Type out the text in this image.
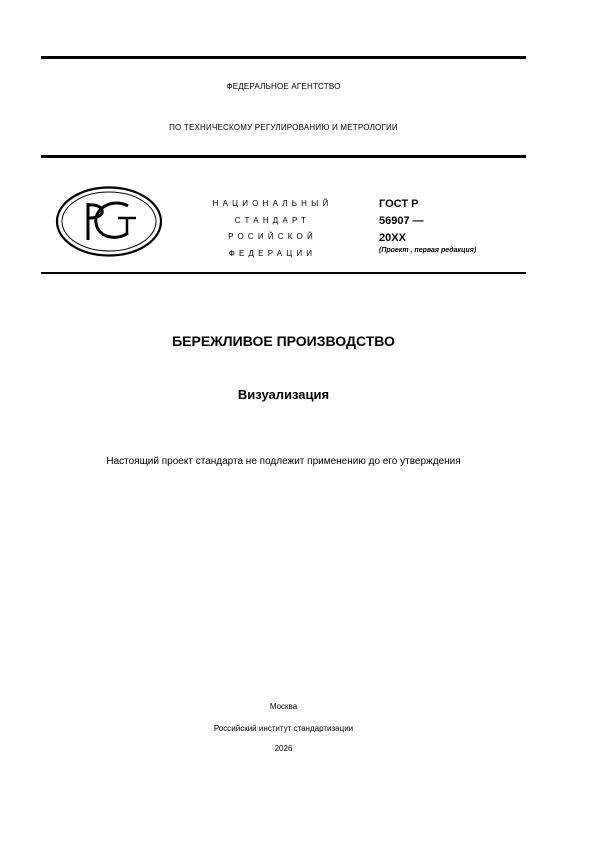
ФЕДЕРАЛЬНОЕ АГЕНТСТВО
ПО ТЕХНИЧЕСКОМУ РЕГУЛИРОВАНИЮ И МЕТРОЛОГИИ
НАЦИОНАЛЬНЫЙ
СТАНДАРТ
РОСИЙСКОЙ
ФЕДЕРАЦИИ
ГОСТ Р
56907 —
20ХХ
(Проект , первая редакция)
БЕРЕЖЛИВОЕ ПРОИЗВОДСТВО
Визуализация
Настоящий проект стандарта не подлежит применению до его утверждения
Москва
Российский институт стандартизации
2026
